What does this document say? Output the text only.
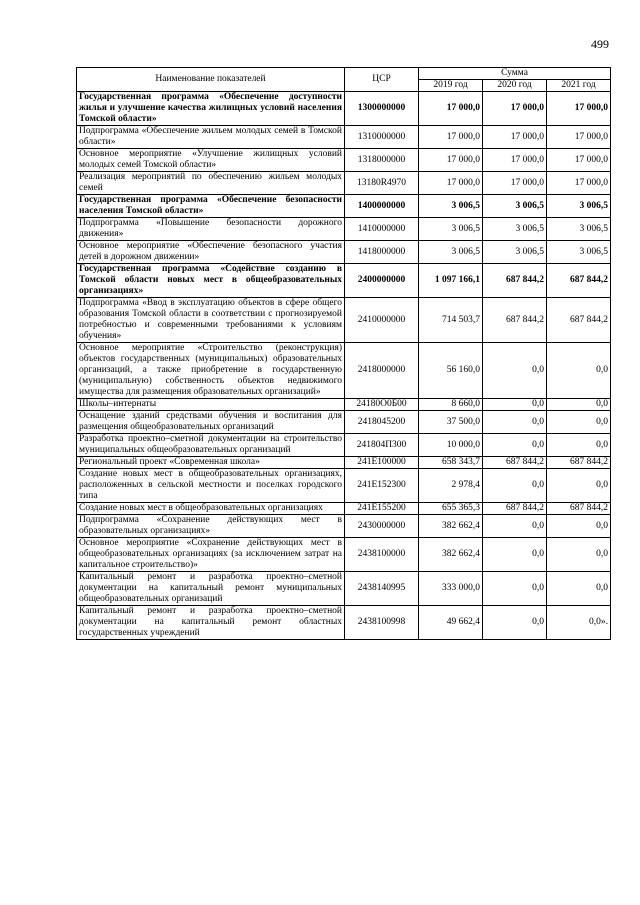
499
Наименование показателей	ЦСР	Сумма		
		2019 год	2020 год	2021 год
Государственная программа «Обеспечение доступности жилья и улучшение качества жилищных условий населения Томской области»	1300000000	17 000,0	17 000,0	17 000,0
Подпрограмма «Обеспечение жильем молодых семей в Томской области»	1310000000	17 000,0	17 000,0	17 000,0
Основное мероприятие «Улучшение жилищных условий молодых семей Томской области»	1318000000	17 000,0	17 000,0	17 000,0
Реализация мероприятий по обеспечению жильем молодых семей	13180R4970	17 000,0	17 000,0	17 000,0
Государственная программа «Обеспечение безопасности населения Томской области»	1400000000	3 006,5	3 006,5	3 006,5
Подпрограмма «Повышение безопасности дорожного движения»	1410000000	3 006,5	3 006,5	3 006,5
Основное мероприятие «Обеспечение безопасного участия детей в дорожном движении»	1418000000	3 006,5	3 006,5	3 006,5
Государственная программа «Содействие созданию в Томской области новых мест в общеобразовательных организациях»	2400000000	1 097 166,1	687 844,2	687 844,2
Подпрограмма «Ввод в эксплуатацию объектов в сфере общего образования Томской области в соответствии с прогнозируемой потребностью и современными требованиями к условиям обучения»	2410000000	714 503,7	687 844,2	687 844,2
Основное мероприятие «Строительство (реконструкция) объектов государственных (муниципальных) образовательных организаций, а также приобретение в государственную (муниципальную) собственность объектов недвижимого имущества для размещения образовательных организаций»	2418000000	56 160,0	0,0	0,0
Школы–интернаты	24180О0Б00	8 660,0	0,0	0,0
Оснащение зданий средствами обучения и воспитания для размещения общеобразовательных организаций	2418045200	37 500,0	0,0	0,0
Разработка проектно–сметной документации на строительство муниципальных общеобразовательных организаций	241804П300	10 000,0	0,0	0,0
Региональный проект «Современная школа»	241E100000	658 343,7	687 844,2	687 844,2
Создание новых мест в общеобразовательных организациях, расположенных в сельской местности и поселках городского типа	241E152300	2 978,4	0,0	0,0
Создание новых мест в общеобразовательных организациях	241E155200	655 365,3	687 844,2	687 844,2
Подпрограмма «Сохранение действующих мест в образовательных организациях»	2430000000	382 662,4	0,0	0,0
Основное мероприятие «Сохранение действующих мест в общеобразовательных организациях (за исключением затрат на капитальное строительство)»	2438100000	382 662,4	0,0	0,0
Капитальный ремонт и разработка проектно–сметной документации на капитальный ремонт муниципальных общеобразовательных организаций	2438140995	333 000,0	0,0	0,0
Капитальный ремонт и разработка проектно–сметной документации на капитальный ремонт областных государственных учреждений	2438100998	49 662,4	0,0	0,0».
